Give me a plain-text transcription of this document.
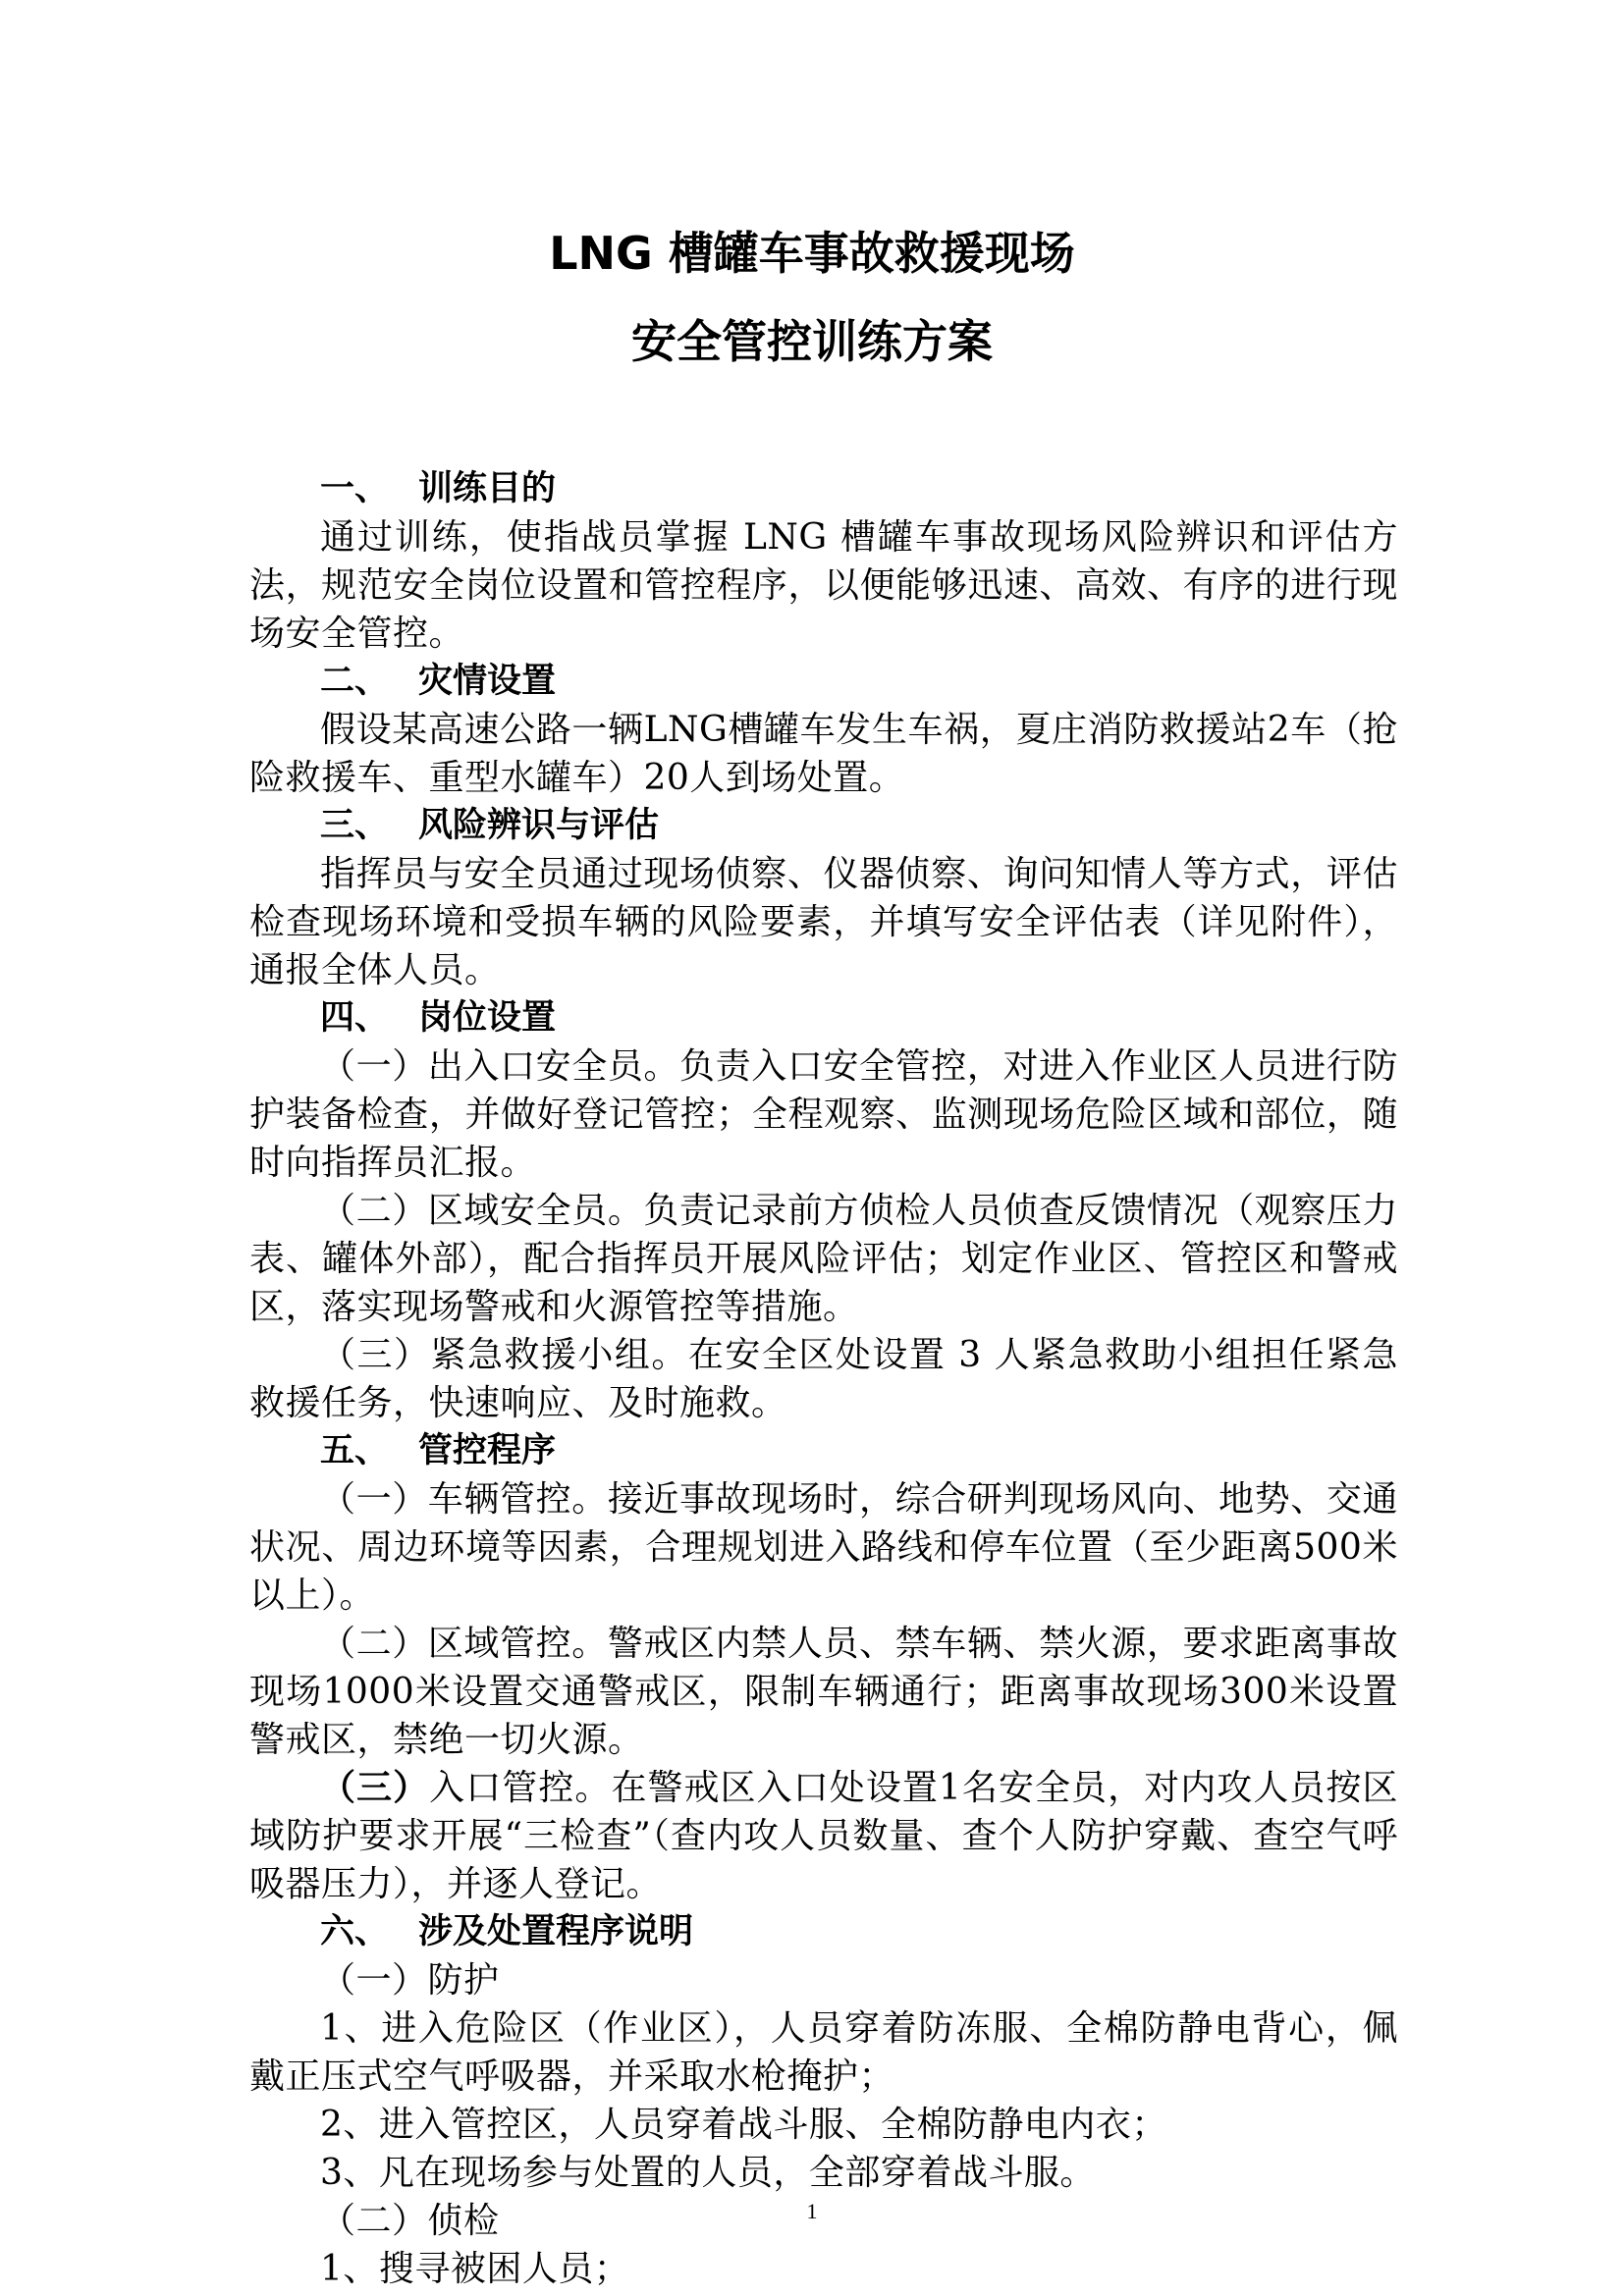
LNG 槽罐车事故救援现场
安全管控训练方案
一、 训练目的

通过训练，使指战员掌握 LNG 槽罐车事故现场风险辨识和评估方法，规范安全岗位设置和管控程序，以便能够迅速、高效、有序的进行现场安全管控。

二、 灾情设置

假设某高速公路一辆LNG槽罐车发生车祸，夏庄消防救援站2车（抢险救援车、重型水罐车）20人到场处置。

三、 风险辨识与评估

指挥员与安全员通过现场侦察、仪器侦察、询问知情人等方式，评估检查现场环境和受损车辆的风险要素，并填写安全评估表（详见附件），通报全体人员。

四、 岗位设置

（一）出入口安全员。负责入口安全管控，对进入作业区人员进行防护装备检查，并做好登记管控；全程观察、监测现场危险区域和部位，随时向指挥员汇报。

（二）区域安全员。负责记录前方侦检人员侦查反馈情况（观察压力表、罐体外部），配合指挥员开展风险评估；划定作业区、管控区和警戒区，落实现场警戒和火源管控等措施。

（三）紧急救援小组。在安全区处设置 3 人紧急救助小组担任紧急救援任务，快速响应、及时施救。

五、 管控程序

（一）车辆管控。接近事故现场时，综合研判现场风向、地势、交通状况、周边环境等因素，合理规划进入路线和停车位置（至少距离500米以上）。

（二）区域管控。警戒区内禁人员、禁车辆、禁火源，要求距离事故现场1000米设置交通警戒区，限制车辆通行；距离事故现场300米设置警戒区，禁绝一切火源。

（三）入口管控。在警戒区入口处设置1名安全员，对内攻人员按区域防护要求开展“三检查”（查内攻人员数量、查个人防护穿戴、查空气呼吸器压力），并逐人登记。

六、 涉及处置程序说明

（一）防护

1、进入危险区（作业区），人员穿着防冻服、全棉防静电背心，佩戴正压式空气呼吸器，并采取水枪掩护；

2、进入管控区，人员穿着战斗服、全棉防静电内衣；

3、凡在现场参与处置的人员，全部穿着战斗服。

（二）侦检

1、搜寻被困人员；

1
